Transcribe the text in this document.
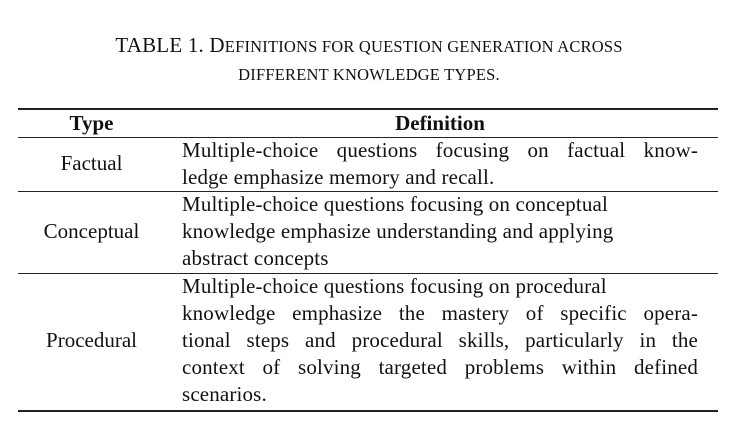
TABLE 1. DEFINITIONS FOR QUESTION GENERATION ACROSS
DIFFERENT KNOWLEDGE TYPES.
Type	Definition
Factual
Multiple-choice questions focusing on factual know-
ledge emphasize memory and recall.
Conceptual
Multiple-choice questions focusing on conceptual
knowledge emphasize understanding and applying
abstract concepts
Procedural
Multiple-choice questions focusing on procedural
knowledge emphasize the mastery of specific opera-
tional steps and procedural skills, particularly in the
context of solving targeted problems within defined
scenarios.
